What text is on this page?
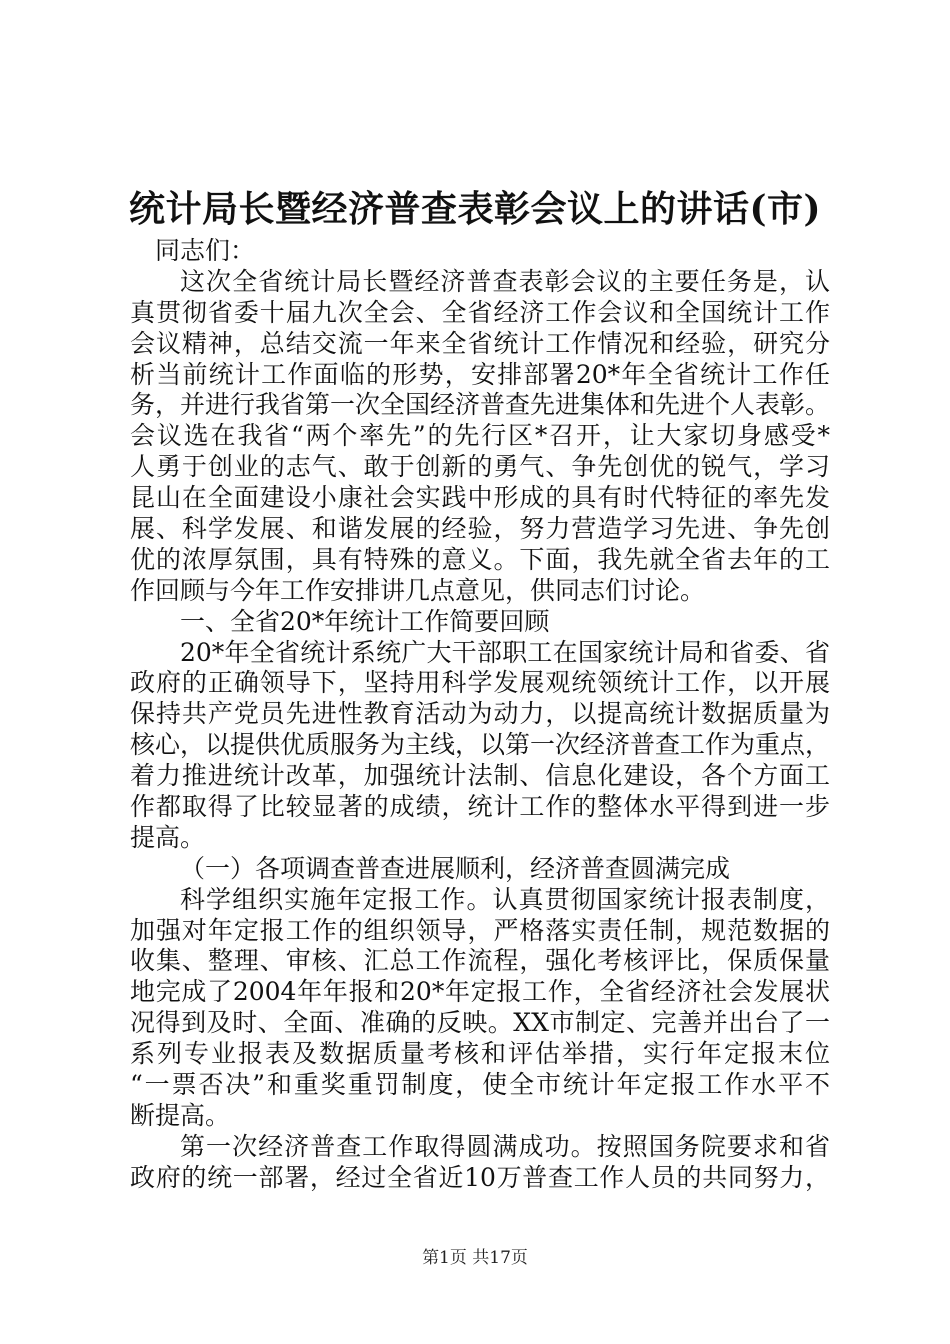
统计局长暨经济普查表彰会议上的讲话(市)
同志们：
这次全省统计局长暨经济普查表彰会议的主要任务是，认
真贯彻省委十届九次全会、全省经济工作会议和全国统计工作
会议精神，总结交流一年来全省统计工作情况和经验，研究分
析当前统计工作面临的形势，安排部署20*年全省统计工作任
务，并进行我省第一次全国经济普查先进集体和先进个人表彰。
会议选在我省“两个率先”的先行区*召开，让大家切身感受*
人勇于创业的志气、敢于创新的勇气、争先创优的锐气，学习
昆山在全面建设小康社会实践中形成的具有时代特征的率先发
展、科学发展、和谐发展的经验，努力营造学习先进、争先创
优的浓厚氛围，具有特殊的意义。下面，我先就全省去年的工
作回顾与今年工作安排讲几点意见，供同志们讨论。
一、全省20*年统计工作简要回顾
20*年全省统计系统广大干部职工在国家统计局和省委、省
政府的正确领导下，坚持用科学发展观统领统计工作，以开展
保持共产党员先进性教育活动为动力，以提高统计数据质量为
核心，以提供优质服务为主线，以第一次经济普查工作为重点，
着力推进统计改革，加强统计法制、信息化建设，各个方面工
作都取得了比较显著的成绩，统计工作的整体水平得到进一步
提高。
（一）各项调查普查进展顺利，经济普查圆满完成
科学组织实施年定报工作。认真贯彻国家统计报表制度，
加强对年定报工作的组织领导，严格落实责任制，规范数据的
收集、整理、审核、汇总工作流程，强化考核评比，保质保量
地完成了2004年年报和20*年定报工作，全省经济社会发展状
况得到及时、全面、准确的反映。XX市制定、完善并出台了一
系列专业报表及数据质量考核和评估举措，实行年定报末位
“一票否决”和重奖重罚制度，使全市统计年定报工作水平不
断提高。
第一次经济普查工作取得圆满成功。按照国务院要求和省
政府的统一部署，经过全省近10万普查工作人员的共同努力，
第1页 共17页
